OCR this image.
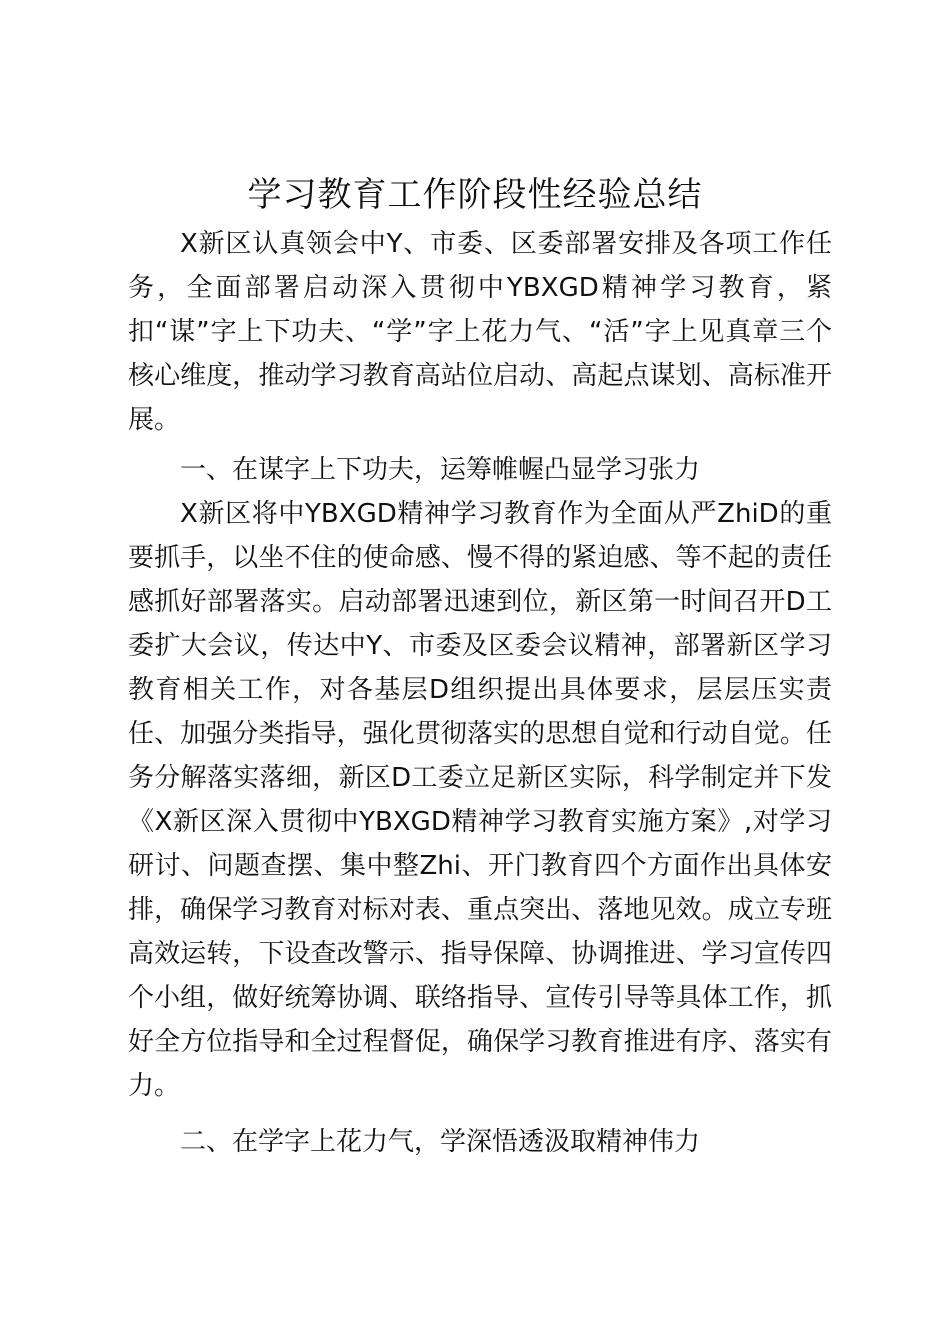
学习教育工作阶段性经验总结

X新区认真领会中Y、市委、区委部署安排及各项工作任务，全面部署启动深入贯彻中YBXGD精神学习教育，紧扣“谋”字上下功夫、“学”字上花力气、“活”字上见真章三个核心维度，推动学习教育高站位启动、高起点谋划、高标准开展。

一、在谋字上下功夫，运筹帷幄凸显学习张力

X新区将中YBXGD精神学习教育作为全面从严ZhiD的重要抓手，以坐不住的使命感、慢不得的紧迫感、等不起的责任感抓好部署落实。启动部署迅速到位，新区第一时间召开D工委扩大会议，传达中Y、市委及区委会议精神，部署新区学习教育相关工作，对各基层D组织提出具体要求，层层压实责任、加强分类指导，强化贯彻落实的思想自觉和行动自觉。任务分解落实落细，新区D工委立足新区实际，科学制定并下发《X新区深入贯彻中YBXGD精神学习教育实施方案》,对学习研讨、问题查摆、集中整Zhi、开门教育四个方面作出具体安排，确保学习教育对标对表、重点突出、落地见效。成立专班高效运转，下设查改警示、指导保障、协调推进、学习宣传四个小组，做好统筹协调、联络指导、宣传引导等具体工作，抓好全方位指导和全过程督促，确保学习教育推进有序、落实有力。

二、在学字上花力气，学深悟透汲取精神伟力
